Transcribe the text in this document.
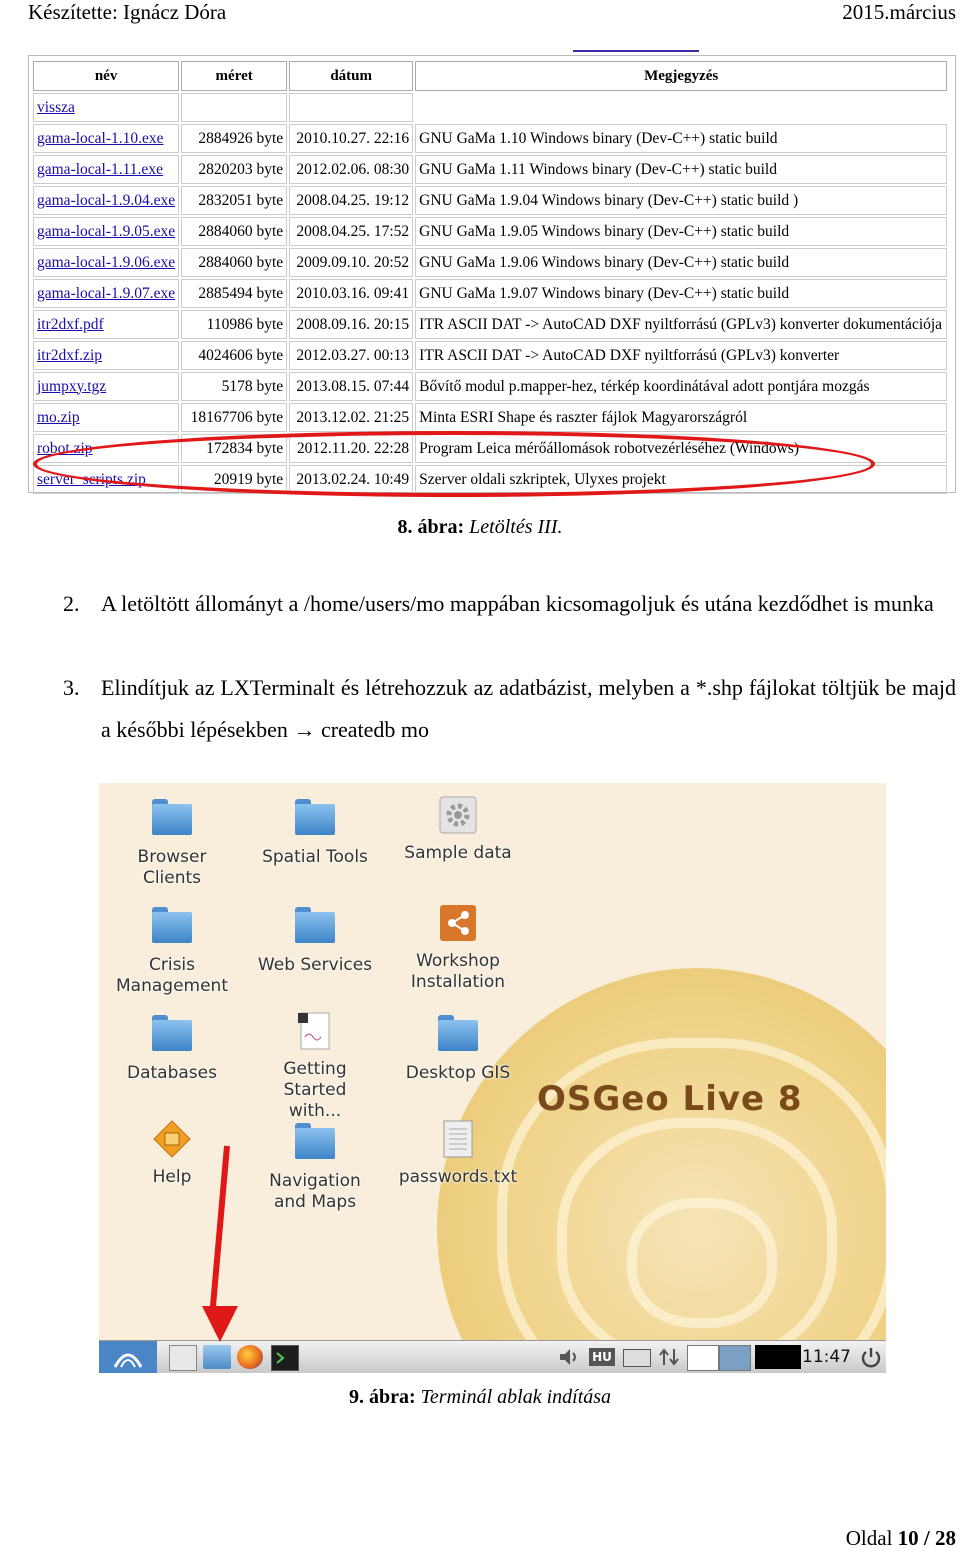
Készítette: Ignácz Dóra	2015.március
név	méret	dátum	Megjegyzés
vissza			
gama-local-1.10.exe	2884926 byte	2010.10.27. 22:16	GNU GaMa 1.10 Windows binary (Dev-C++) static build
gama-local-1.11.exe	2820203 byte	2012.02.06. 08:30	GNU GaMa 1.11 Windows binary (Dev-C++) static build
gama-local-1.9.04.exe	2832051 byte	2008.04.25. 19:12	GNU GaMa 1.9.04 Windows binary (Dev-C++) static build )
gama-local-1.9.05.exe	2884060 byte	2008.04.25. 17:52	GNU GaMa 1.9.05 Windows binary (Dev-C++) static build
gama-local-1.9.06.exe	2884060 byte	2009.09.10. 20:52	GNU GaMa 1.9.06 Windows binary (Dev-C++) static build
gama-local-1.9.07.exe	2885494 byte	2010.03.16. 09:41	GNU GaMa 1.9.07 Windows binary (Dev-C++) static build
itr2dxf.pdf	110986 byte	2008.09.16. 20:15	ITR ASCII DAT -> AutoCAD DXF nyiltforrású (GPLv3) konverter dokumentációja
itr2dxf.zip	4024606 byte	2012.03.27. 00:13	ITR ASCII DAT -> AutoCAD DXF nyiltforrású (GPLv3) konverter
jumpxy.tgz	5178 byte	2013.08.15. 07:44	Bővítő modul p.mapper-hez, térkép koordinátával adott pontjára mozgás
mo.zip	18167706 byte	2013.12.02. 21:25	Minta ESRI Shape és raszter fájlok Magyarországról
robot.zip	172834 byte	2012.11.20. 22:28	Program Leica mérőállomások robotvezérléséhez (Windows)
server_scripts.zip	20919 byte	2013.02.24. 10:49	Szerver oldali szkriptek, Ulyxes projekt
8. ábra: Letöltés III.
2. A letöltött állományt a /home/users/mo mappában kicsomagoljuk és utána kezdődhet is munka
3. Elindítjuk az LXTerminalt és létrehozzuk az adatbázist, melyben a *.shp fájlokat töltjük be majd a későbbi lépésekben → createdb mo
OSGeo Live 8
Browser Clients
Spatial Tools	Sample data
Crisis Management
Web Services	Workshop Installation
Databases	Getting Started with...
Desktop GIS
Help	Navigation and Maps
passwords.txt
HU	11:47
9. ábra: Terminál ablak indítása
Oldal 10 / 28
